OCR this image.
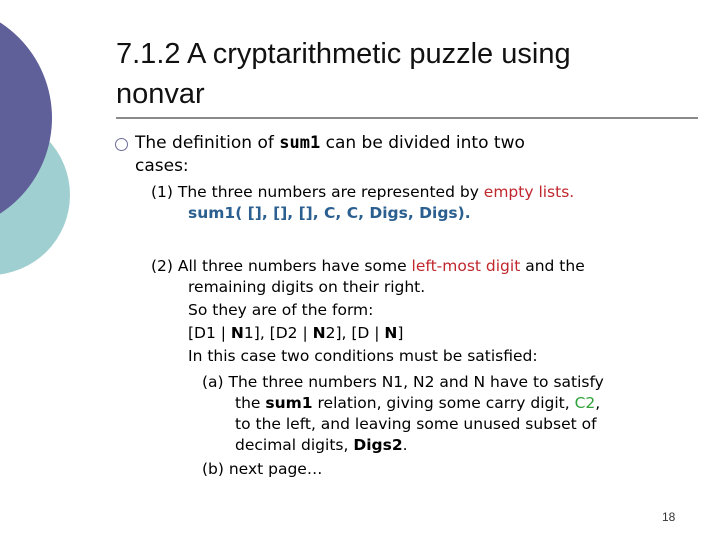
7.1.2 A cryptarithmetic puzzle using
nonvar
The definition of sum1 can be divided into two
cases:
(1) The three numbers are represented by empty lists.
sum1( [], [], [], C, C, Digs, Digs).
(2) All three numbers have some left-most digit and the
remaining digits on their right.
So they are of the form:
[D1 | N1], [D2 | N2], [D | N]
In this case two conditions must be satisfied:
(a) The three numbers N1, N2 and N have to satisfy
the sum1 relation, giving some carry digit, C2,
to the left, and leaving some unused subset of
decimal digits, Digs2.
(b) next page…
18
